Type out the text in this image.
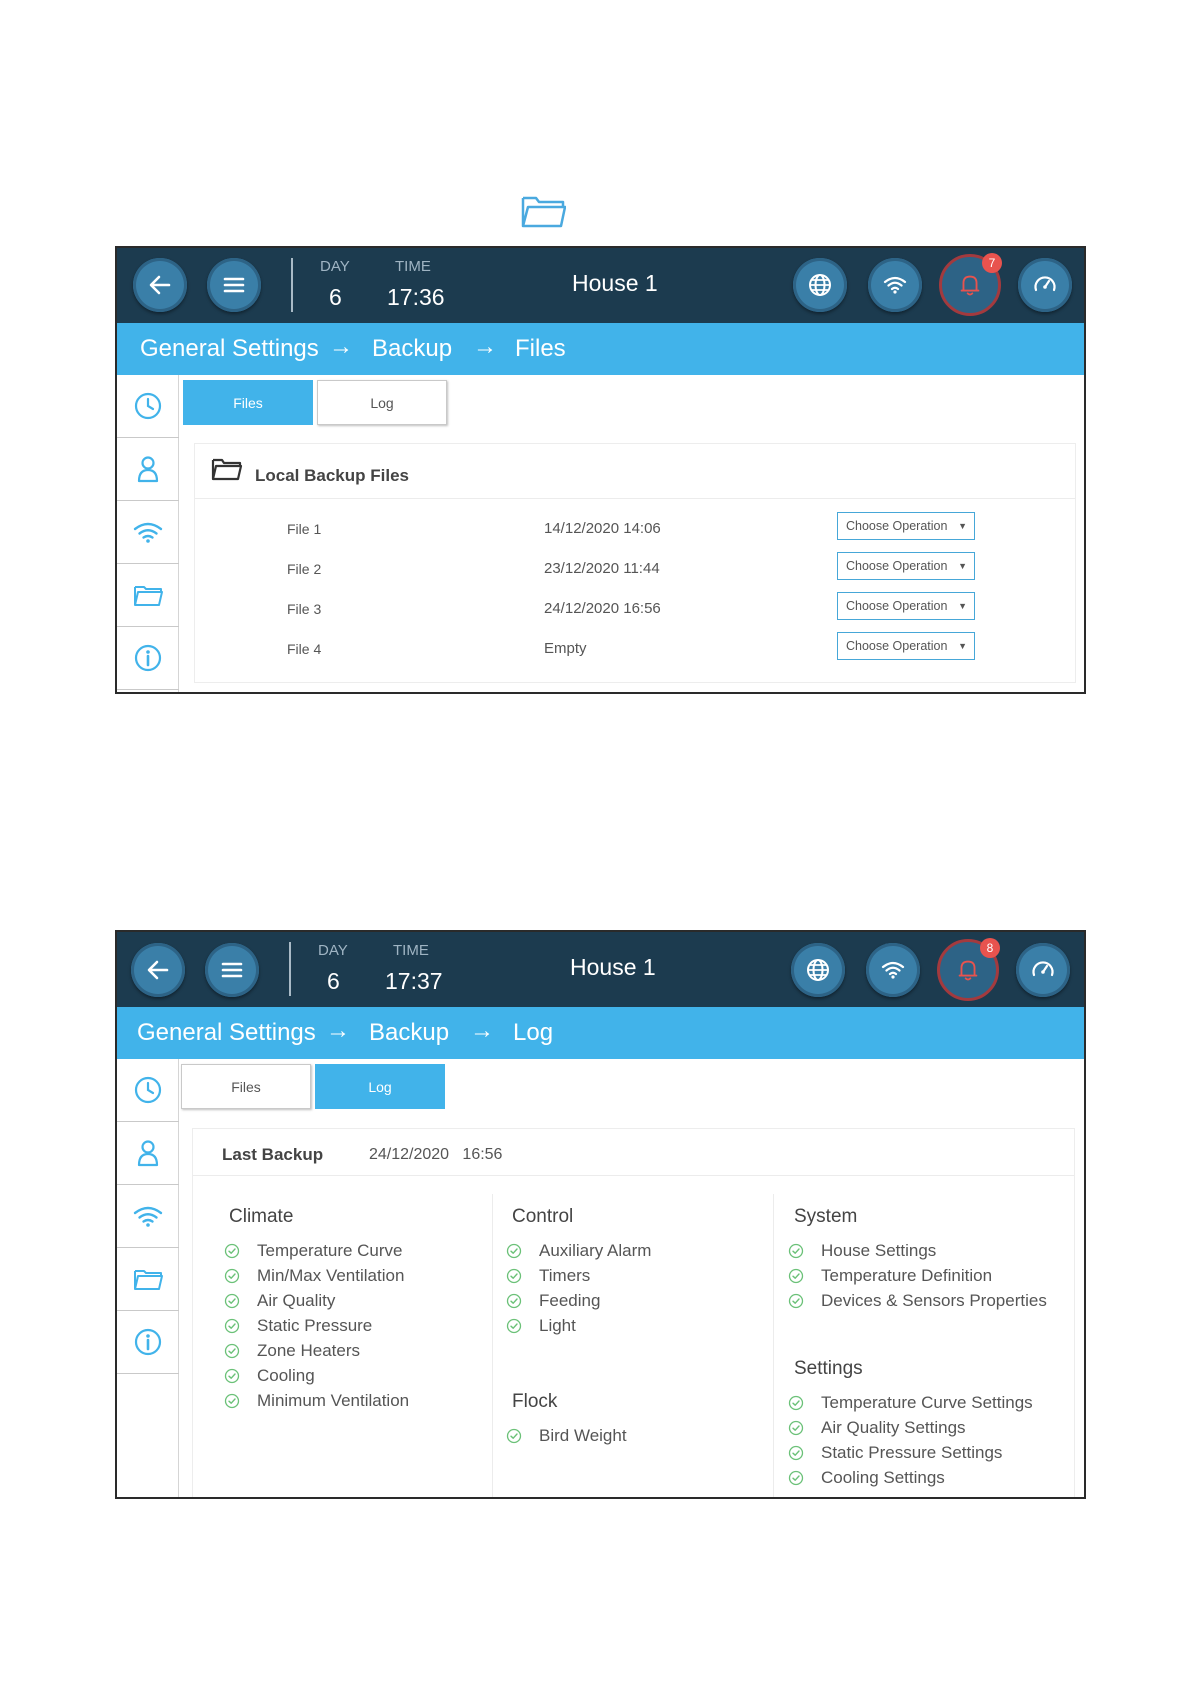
DAY
6
TIME
17:36
House 1
7
General Settings → Backup → Files
Files	Log
Local Backup Files
File 1	14/12/2020 14:06	Choose Operation ▼
File 2	23/12/2020 11:44	Choose Operation ▼
File 3	24/12/2020 16:56	Choose Operation ▼
File 4	Empty	Choose Operation ▼
DAY
6
TIME
17:37
House 1
8
General Settings → Backup → Log
Files	Log
Last Backup	24/12/2020   16:56
Climate
Temperature Curve
Min/Max Ventilation
Air Quality
Static Pressure
Zone Heaters
Cooling
Minimum Ventilation
Control
Auxiliary Alarm
Timers
Feeding
Light
Flock
Bird Weight
System
House Settings
Temperature Definition
Devices & Sensors Properties
Settings
Temperature Curve Settings
Air Quality Settings
Static Pressure Settings
Cooling Settings
